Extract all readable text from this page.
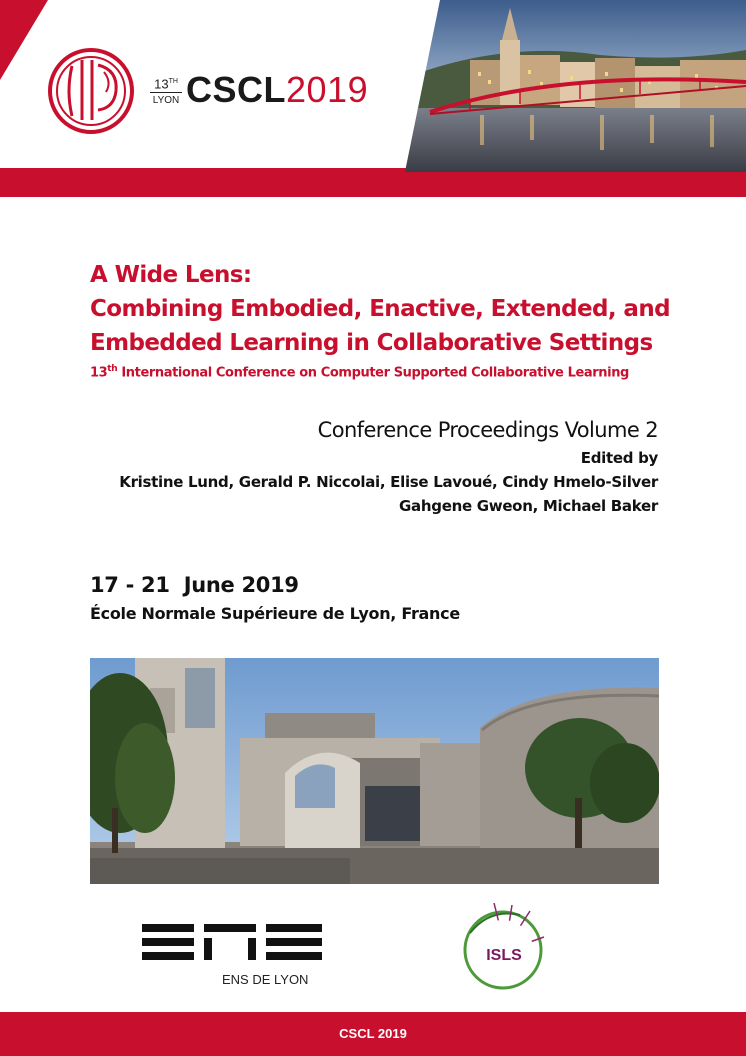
13TH
LYON CSCL2019
A Wide Lens:
Combining Embodied, Enactive, Extended, and
Embedded Learning in Collaborative Settings
13th International Conference on Computer Supported Collaborative Learning
Conference Proceedings Volume 2
Edited by
Kristine Lund, Gerald P. Niccolai, Elise Lavoué, Cindy Hmelo-Silver
Gahgene Gweon, Michael Baker
17 - 21  June 2019
École Normale Supérieure de Lyon, France
ENS DE LYON
ISLS
CSCL 2019
